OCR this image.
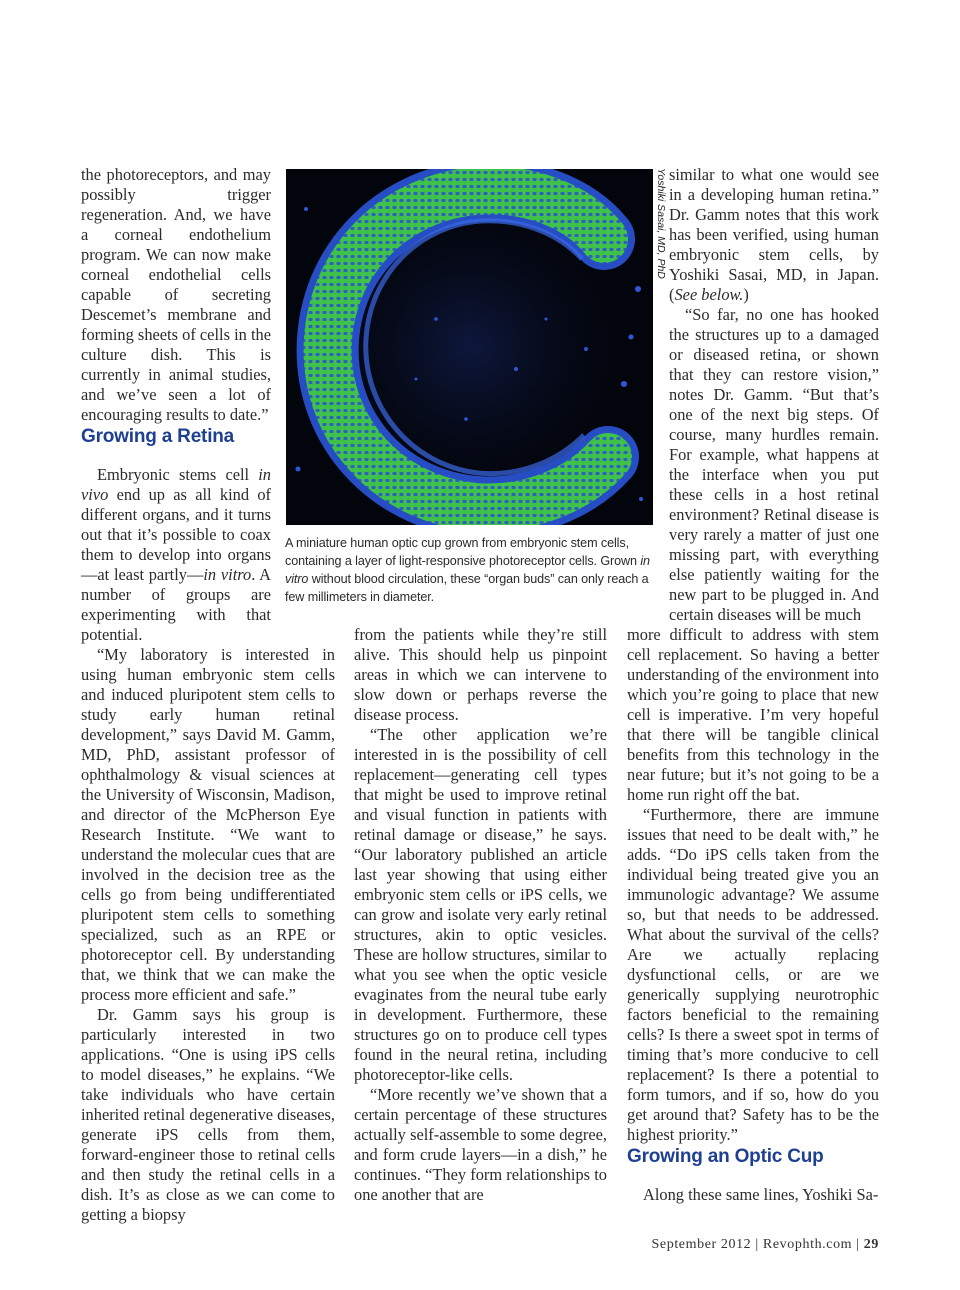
the photoreceptors, and may possibly trigger regeneration. And, we have a corneal endothelium program. We can now make corneal endothelial cells capable of secreting Descemet’s membrane and forming sheets of cells in the culture dish. This is currently in animal studies, and we’ve seen a lot of encouraging results to date.”

Growing a Retina

Embryonic stems cell in vivo end up as all kind of different organs, and it turns out that it’s possible to coax them to develop into organs—at least partly—in vitro. A number of groups are experimenting with that potential.

“My laboratory is interested in using human embryonic stem cells and induced pluripotent stem cells to study early human retinal development,” says David M. Gamm, MD, PhD, assistant professor of ophthalmology & visual sciences at the University of Wisconsin, Madison, and director of the McPherson Eye Research Institute. “We want to understand the molecular cues that are involved in the decision tree as the cells go from being undifferentiated pluripotent stem cells to something specialized, such as an RPE or photoreceptor cell. By understanding that, we think that we can make the process more efficient and safe.”

Dr. Gamm says his group is particularly interested in two applications. “One is using iPS cells to model diseases,” he explains. “We take individuals who have certain inherited retinal degenerative diseases, generate iPS cells from them, forward-engineer those to retinal cells and then study the retinal cells in a dish. It’s as close as we can come to getting a biopsy

Yoshiki Sasai, MD, PhD
A miniature human optic cup grown from embryonic stem cells, containing a layer of light-responsive photoreceptor cells. Grown in vitro without blood circulation, these “organ buds” can only reach a few millimeters in diameter.

from the patients while they’re still alive. This should help us pinpoint areas in which we can intervene to slow down or perhaps reverse the disease process.

“The other application we’re interested in is the possibility of cell replacement—generating cell types that might be used to improve retinal and visual function in patients with retinal damage or disease,” he says. “Our laboratory published an article last year showing that using either embryonic stem cells or iPS cells, we can grow and isolate very early retinal structures, akin to optic vesicles. These are hollow structures, similar to what you see when the optic vesicle evaginates from the neural tube early in development. Furthermore, these structures go on to produce cell types found in the neural retina, including photoreceptor-like cells.

“More recently we’ve shown that a certain percentage of these structures actually self-assemble to some degree, and form crude layers—in a dish,” he continues. “They form relationships to one another that are

similar to what one would see in a developing human retina.” Dr. Gamm notes that this work has been verified, using human embryonic stem cells, by Yoshiki Sasai, MD, in Japan. (See below.)

“So far, no one has hooked the structures up to a damaged or diseased retina, or shown that they can restore vision,” notes Dr. Gamm. “But that’s one of the next big steps. Of course, many hurdles remain. For example, what happens at the interface when you put these cells in a host retinal environment? Retinal disease is very rarely a matter of just one missing part, with everything else patiently waiting for the new part to be plugged in. And certain diseases will be much

more difficult to address with stem cell replacement. So having a better understanding of the environment into which you’re going to place that new cell is imperative. I’m very hopeful that there will be tangible clinical benefits from this technology in the near future; but it’s not going to be a home run right off the bat.

“Furthermore, there are immune issues that need to be dealt with,” he adds. “Do iPS cells taken from the individual being treated give you an immunologic advantage? We assume so, but that needs to be addressed. What about the survival of the cells? Are we actually replacing dysfunctional cells, or are we generically supplying neurotrophic factors beneficial to the remaining cells? Is there a sweet spot in terms of timing that’s more conducive to cell replacement? Is there a potential to form tumors, and if so, how do you get around that? Safety has to be the highest priority.”

Growing an Optic Cup

Along these same lines, Yoshiki Sa-

September 2012 | Revophth.com | 29
